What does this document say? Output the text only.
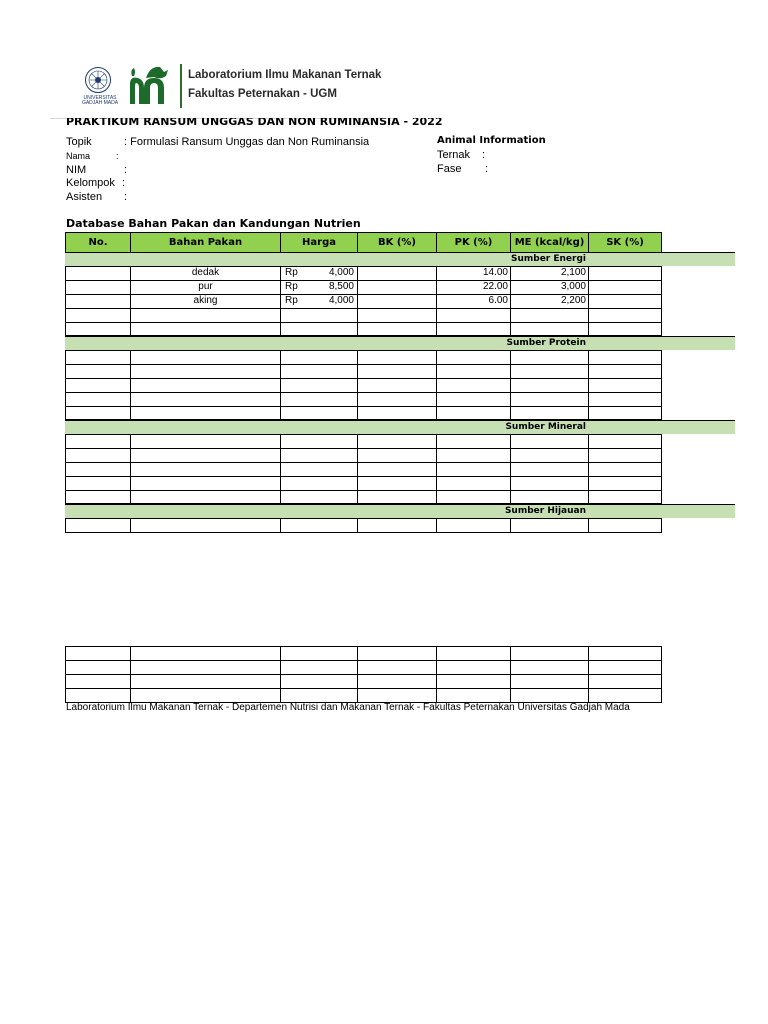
UNIVERSITAS GADJAH MADA
Laboratorium Ilmu Makanan Ternak
Fakultas Peternakan - UGM
PRAKTIKUM RANSUM UNGGAS DAN NON RUMINANSIA - 2022
Topik	: Formulasi Ransum Unggas dan Non Ruminansia
Nama	:
NIM	:
Kelompok :
Asisten :
Animal Information
Ternak :
Fase :
Database Bahan Pakan dan Kandungan Nutrien
No.	Bahan Pakan	Harga	BK (%)	PK (%)	ME (kcal/kg)	SK (%)
Sumber Energi
	dedak	Rp 4,000		14.00	2,100	
	pur	Rp 8,500		22.00	3,000	
	aking	Rp 4,000		6.00	2,200	

Sumber Protein

Sumber Mineral

Sumber Hijauan

Laboratorium Ilmu Makanan Ternak - Departemen Nutrisi dan Makanan Ternak - Fakultas Peternakan Universitas Gadjah Mada
